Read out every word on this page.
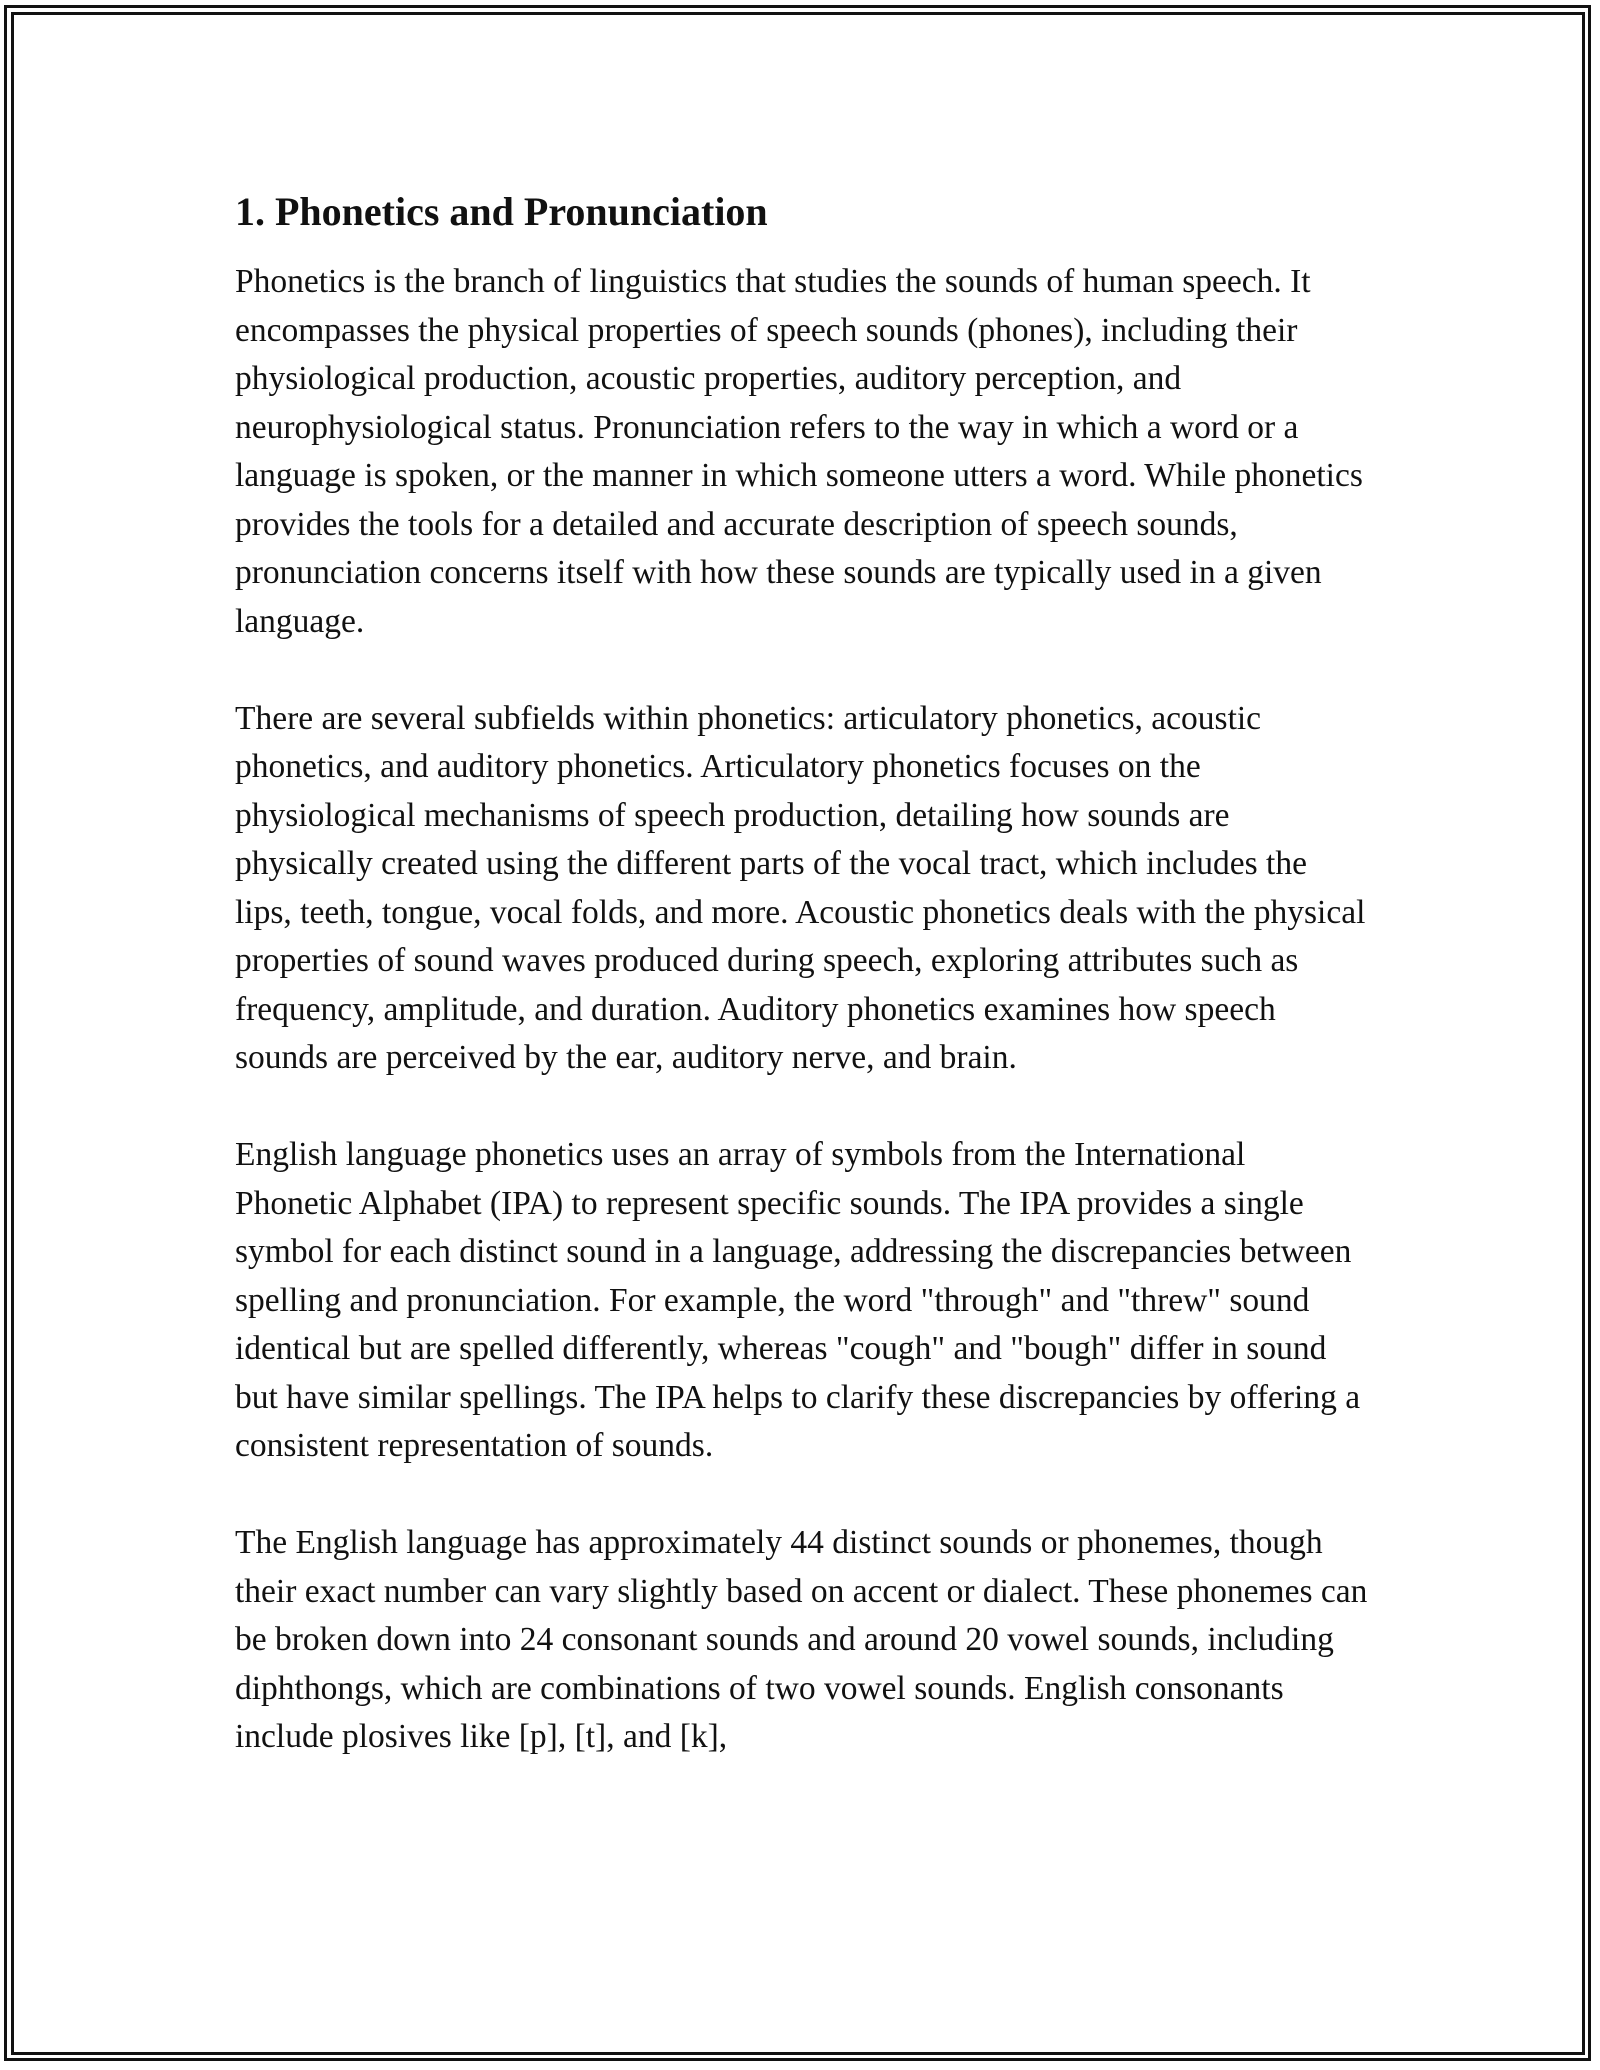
1. Phonetics and Pronunciation

Phonetics is the branch of linguistics that studies the sounds of human speech. It encompasses the physical properties of speech sounds (phones), including their physiological production, acoustic properties, auditory perception, and neurophysiological status. Pronunciation refers to the way in which a word or a language is spoken, or the manner in which someone utters a word. While phonetics provides the tools for a detailed and accurate description of speech sounds, pronunciation concerns itself with how these sounds are typically used in a given language.

There are several subfields within phonetics: articulatory phonetics, acoustic phonetics, and auditory phonetics. Articulatory phonetics focuses on the physiological mechanisms of speech production, detailing how sounds are physically created using the different parts of the vocal tract, which includes the lips, teeth, tongue, vocal folds, and more. Acoustic phonetics deals with the physical properties of sound waves produced during speech, exploring attributes such as frequency, amplitude, and duration. Auditory phonetics examines how speech sounds are perceived by the ear, auditory nerve, and brain.

English language phonetics uses an array of symbols from the International Phonetic Alphabet (IPA) to represent specific sounds. The IPA provides a single symbol for each distinct sound in a language, addressing the discrepancies between spelling and pronunciation. For example, the word "through" and "threw" sound identical but are spelled differently, whereas "cough" and "bough" differ in sound but have similar spellings. The IPA helps to clarify these discrepancies by offering a consistent representation of sounds.

The English language has approximately 44 distinct sounds or phonemes, though their exact number can vary slightly based on accent or dialect. These phonemes can be broken down into 24 consonant sounds and around 20 vowel sounds, including diphthongs, which are combinations of two vowel sounds. English consonants include plosives like [p], [t], and [k],
